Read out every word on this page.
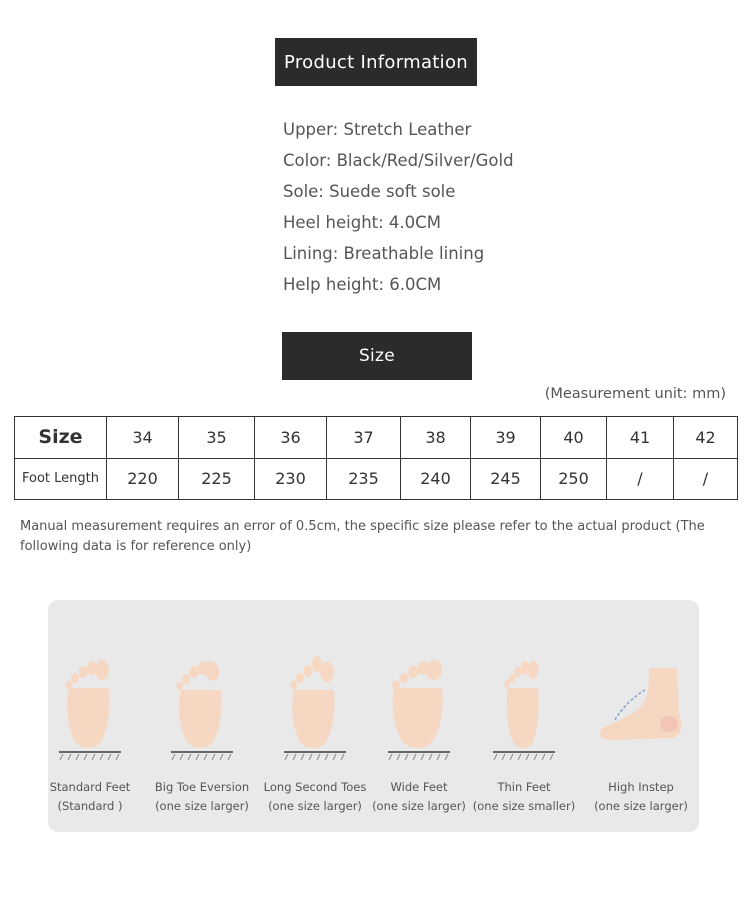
Product Information
Upper: Stretch Leather
Color: Black/Red/Silver/Gold
Sole: Suede soft sole
Heel height: 4.0CM
Lining: Breathable lining
Help height: 6.0CM
Size
(Measurement unit: mm)
Size	34	35	36	37	38	39	40	41	42
Foot Length	220	225	230	235	240	245	250	/	/
Manual measurement requires an error of 0.5cm, the specific size please refer to the actual product (The following data is for reference only)
Standard Feet
(Standard )
Big Toe Eversion
(one size larger)
Long Second Toes
(one size larger)
Wide Feet
(one size larger)
Thin Feet
(one size smaller)
High Instep
(one size larger)
